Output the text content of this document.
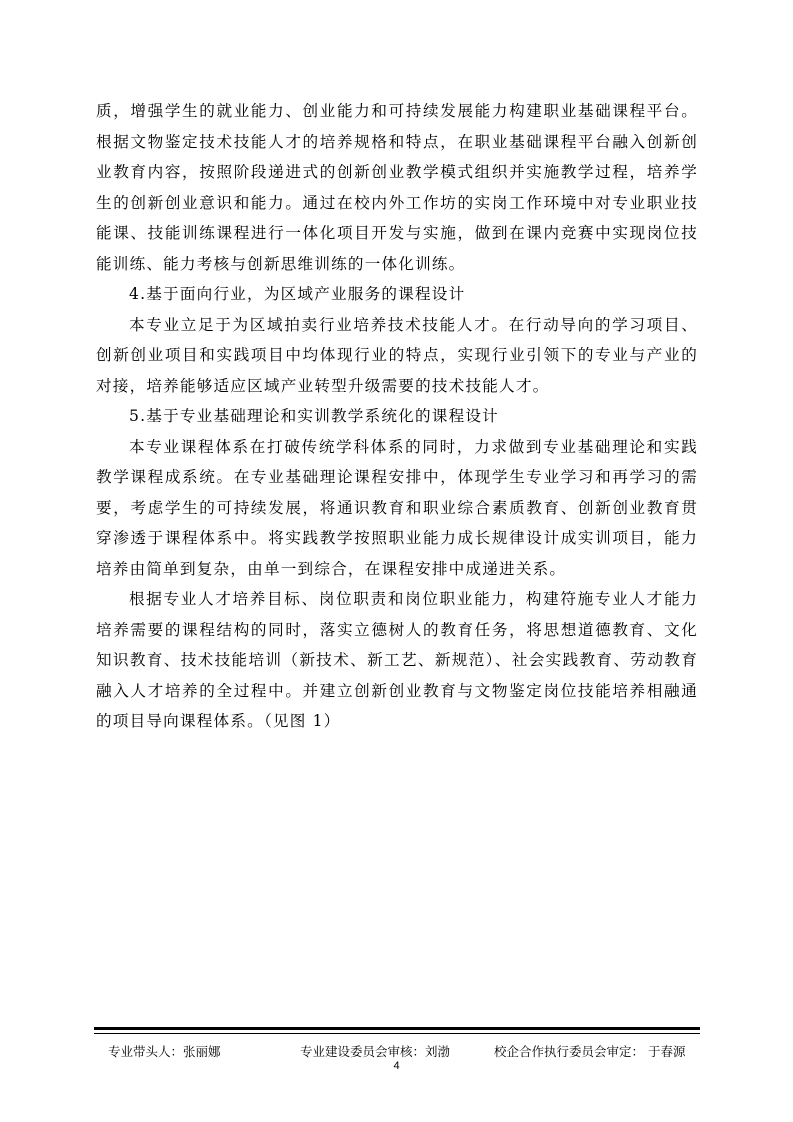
质，增强学生的就业能力、创业能力和可持续发展能力构建职业基础课程平台。根据文物鉴定技术技能人才的培养规格和特点，在职业基础课程平台融入创新创业教育内容，按照阶段递进式的创新创业教学模式组织并实施教学过程，培养学生的创新创业意识和能力。通过在校内外工作坊的实岗工作环境中对专业职业技能课、技能训练课程进行一体化项目开发与实施，做到在课内竞赛中实现岗位技能训练、能力考核与创新思维训练的一体化训练。

4.基于面向行业，为区域产业服务的课程设计

本专业立足于为区域拍卖行业培养技术技能人才。在行动导向的学习项目、创新创业项目和实践项目中均体现行业的特点，实现行业引领下的专业与产业的对接，培养能够适应区域产业转型升级需要的技术技能人才。

5.基于专业基础理论和实训教学系统化的课程设计

本专业课程体系在打破传统学科体系的同时，力求做到专业基础理论和实践教学课程成系统。在专业基础理论课程安排中，体现学生专业学习和再学习的需要，考虑学生的可持续发展，将通识教育和职业综合素质教育、创新创业教育贯穿渗透于课程体系中。将实践教学按照职业能力成长规律设计成实训项目，能力培养由简单到复杂，由单一到综合，在课程安排中成递进关系。

根据专业人才培养目标、岗位职责和岗位职业能力，构建符施专业人才能力培养需要的课程结构的同时，落实立德树人的教育任务，将思想道德教育、文化知识教育、技术技能培训（新技术、新工艺、新规范）、社会实践教育、劳动教育融入人才培养的全过程中。并建立创新创业教育与文物鉴定岗位技能培养相融通的项目导向课程体系。（见图 1）

专业带头人：张丽娜	专业建设委员会审核：刘渤	校企合作执行委员会审定： 于春源
4
